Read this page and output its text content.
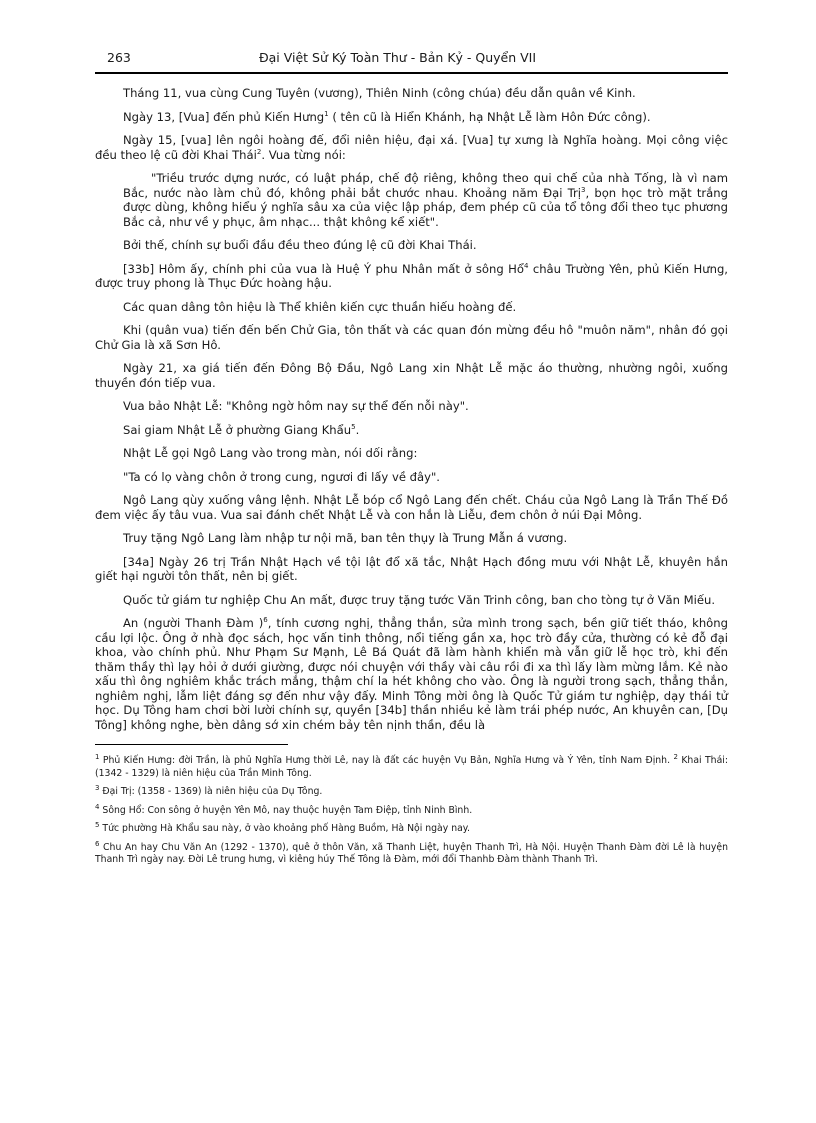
263	Đại Việt Sử Ký Toàn Thư - Bản Kỷ - Quyển VII

Tháng 11, vua cùng Cung Tuyên (vương), Thiên Ninh (công chúa) đều dẫn quân về Kinh.

Ngày 13, [Vua] đến phủ Kiến Hưng$^1$ ( tên cũ là Hiển Khánh, hạ Nhật Lễ làm Hôn Đức công).

Ngày 15, [vua] lên ngôi hoàng đế, đổi niên hiệu, đại xá. [Vua] tự xưng là Nghĩa hoàng. Mọi công việc đều theo lệ cũ đời Khai Thái$^2$. Vua từng nói:

"Triều trước dựng nước, có luật pháp, chế độ riêng, không theo qui chế của nhà Tống, là vì nam Bắc, nước nào làm chủ đó, không phải bắt chước nhau. Khoảng năm Đại Trị$^3$, bọn học trò mặt trắng được dùng, không hiểu ý nghĩa sâu xa của việc lập pháp, đem phép cũ của tổ tông đổi theo tục phương Bắc cả, như về y phục, âm nhạc... thật không kể xiết".

Bởi thế, chính sự buổi đầu đều theo đúng lệ cũ đời Khai Thái.

[33b] Hôm ấy, chính phi của vua là Huệ Ý phu Nhân mất ở sông Hổ$^4$ châu Trường Yên, phủ Kiến Hưng, được truy phong là Thục Đức hoàng hậu.

Các quan dâng tôn hiệu là Thể khiên kiến cực thuần hiếu hoàng đế.

Khi (quân vua) tiến đến bến Chử Gia, tôn thất và các quan đón mừng đều hô "muôn năm", nhân đó gọi Chử Gia là xã Sơn Hô.

Ngày 21, xa giá tiến đến Đông Bộ Đầu, Ngô Lang xin Nhật Lễ mặc áo thường, nhường ngôi, xuống thuyền đón tiếp vua.

Vua bảo Nhật Lễ: "Không ngờ hôm nay sự thể đến nỗi này".

Sai giam Nhật Lễ ở phường Giang Khẩu$^5$.

Nhật Lễ gọi Ngô Lang vào trong màn, nói dối rằng:

"Ta có lọ vàng chôn ở trong cung, ngươi đi lấy về đây".

Ngô Lang qùy xuống vâng lệnh. Nhật Lễ bóp cổ Ngô Lang đến chết. Cháu của Ngô Lang là Trần Thế Đồ đem việc ấy tâu vua. Vua sai đánh chết Nhật Lễ và con hắn là Liễu, đem chôn ở núi Đại Mông.

Truy tặng Ngô Lang làm nhập tư nội mã, ban tên thụy là Trung Mẫn á vương.

[34a] Ngày 26 trị Trần Nhật Hạch về tội lật đổ xã tắc, Nhật Hạch đồng mưu với Nhật Lễ, khuyên hắn giết hại người tôn thất, nên bị giết.

Quốc tử giám tư nghiệp Chu An mất, được truy tặng tước Văn Trinh công, ban cho tòng tự ở Văn Miếu.

An (người Thanh Đàm )$^6$, tính cương nghị, thẳng thắn, sửa mình trong sạch, bền giữ tiết tháo, không cầu lợi lộc. Ông ở nhà đọc sách, học vấn tinh thông, nổi tiếng gần xa, học trò đầy cửa, thường có kẻ đỗ đại khoa, vào chính phủ. Như Phạm Sư Mạnh, Lê Bá Quát đã làm hành khiển mà vẫn giữ lễ học trò, khi đến thăm thầy thì lạy hỏi ở dưới giường, được nói chuyện với thầy vài câu rồi đi xa thì lấy làm mừng lắm. Kẻ nào xấu thì ông nghiêm khắc trách mắng, thậm chí la hét không cho vào. Ông là người trong sạch, thẳng thắn, nghiêm nghị, lẫm liệt đáng sợ đến như vậy đấy. Minh Tông mời ông là Quốc Tử giám tư nghiệp, dạy thái tử học. Dụ Tông ham chơi bời lười chính sự, quyền [34b] thần nhiều kẻ làm trái phép nước, An khuyên can, [Dụ Tông] không nghe, bèn dâng sớ xin chém bảy tên nịnh thần, đều là

$^1$ Phủ Kiến Hưng: đời Trần, là phủ Nghĩa Hưng thời Lê, nay là đất các huyện Vụ Bản, Nghĩa Hưng và Ý Yên, tỉnh Nam Định. $^2$ Khai Thái: (1342 - 1329) là niên hiệu của Trần Minh Tông.

$^3$ Đại Trị: (1358 - 1369) là niên hiệu của Dụ Tông.

$^4$ Sông Hổ: Con sông ở huyện Yên Mô, nay thuộc huyện Tam Điệp, tỉnh Ninh Bình.

$^5$ Tức phường Hà Khẩu sau này, ở vào khoảng phố Hàng Buồm, Hà Nội ngày nay.

$^6$ Chu An hay Chu Văn An (1292 - 1370), quê ở thôn Văn, xã Thanh Liệt, huyện Thanh Trì, Hà Nội. Huyện Thanh Đàm đời Lê là huyện Thanh Trì ngày nay. Đời Lê trung hưng, vì kiêng húy Thế Tông là Đàm, mới đổi Thanhb Đàm thành Thanh Trì.
